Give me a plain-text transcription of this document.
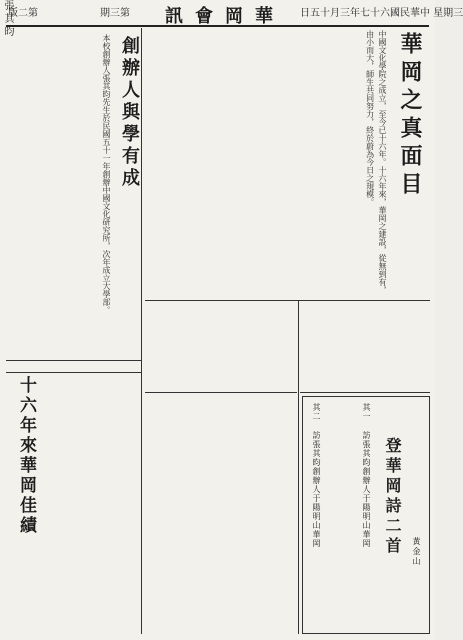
版二第	期三第	訊會岡華	日五十月三年七十六國民華中 星期三
華岡之真面目
張其昀
中國文化學院之成立，至今已十六年。十六年來，華岡之建設，從無到有，由小而大，師生共同努力，終於蔚為今日之規模。
創辦人與學有成
本校創辦人張其昀先生於民國五十一年創辦中國文化研究所，次年成立大學部。
十六年來華岡佳績	登華岡詩二首 黃金山
其一 訪張其昀創辦人于陽明山華岡
其二 訪張其昀創辦人于陽明山華岡
